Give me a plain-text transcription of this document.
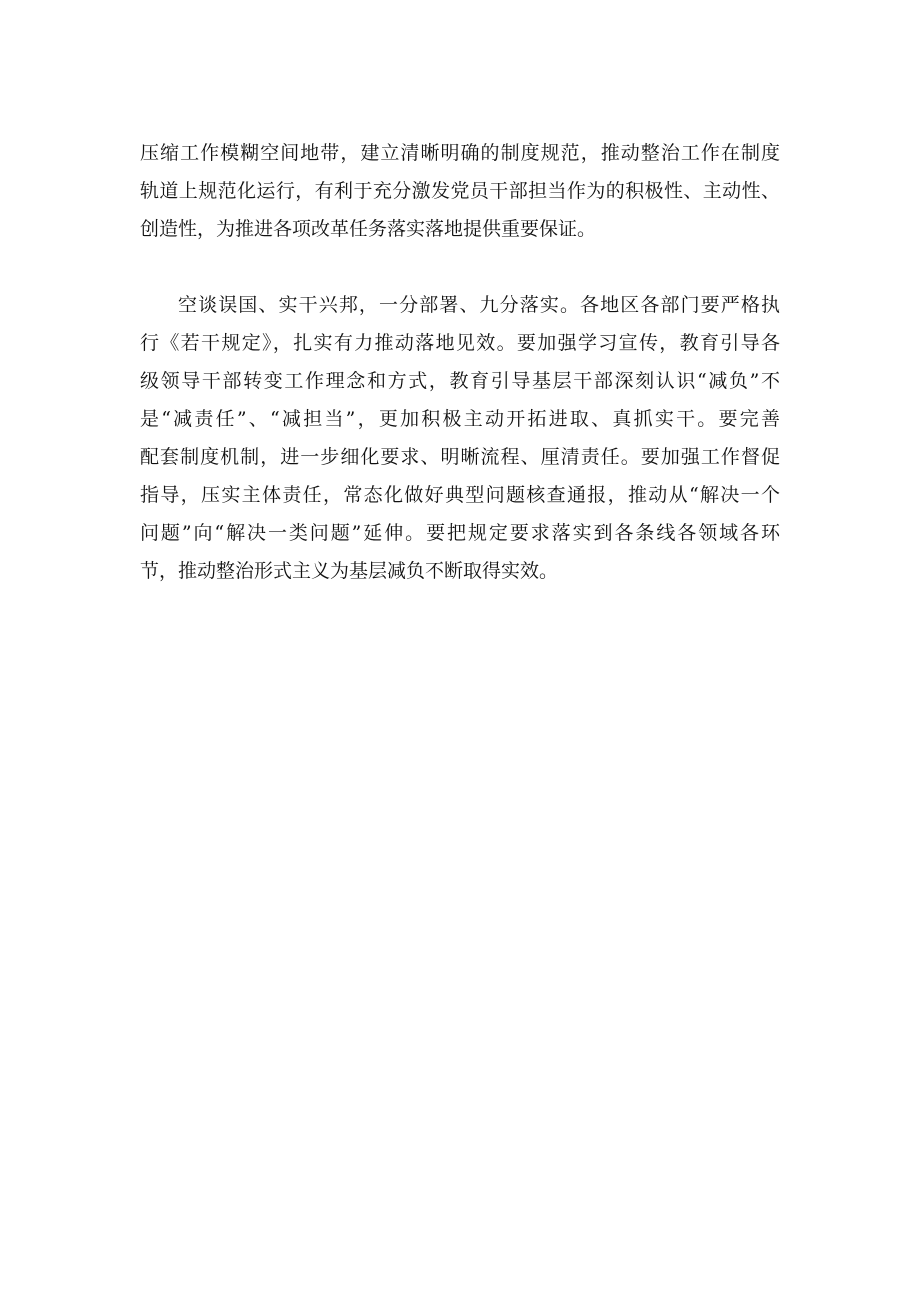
压缩工作模糊空间地带，建立清晰明确的制度规范，推动整治工作在制度
轨道上规范化运行，有利于充分激发党员干部担当作为的积极性、主动性、
创造性，为推进各项改革任务落实落地提供重要保证。
空谈误国、实干兴邦，一分部署、九分落实。各地区各部门要严格执
行《若干规定》，扎实有力推动落地见效。要加强学习宣传，教育引导各
级领导干部转变工作理念和方式，教育引导基层干部深刻认识“减负”不
是“减责任”、“减担当”，更加积极主动开拓进取、真抓实干。要完善
配套制度机制，进一步细化要求、明晰流程、厘清责任。要加强工作督促
指导，压实主体责任，常态化做好典型问题核查通报，推动从“解决一个
问题”向“解决一类问题”延伸。要把规定要求落实到各条线各领域各环
节，推动整治形式主义为基层减负不断取得实效。
